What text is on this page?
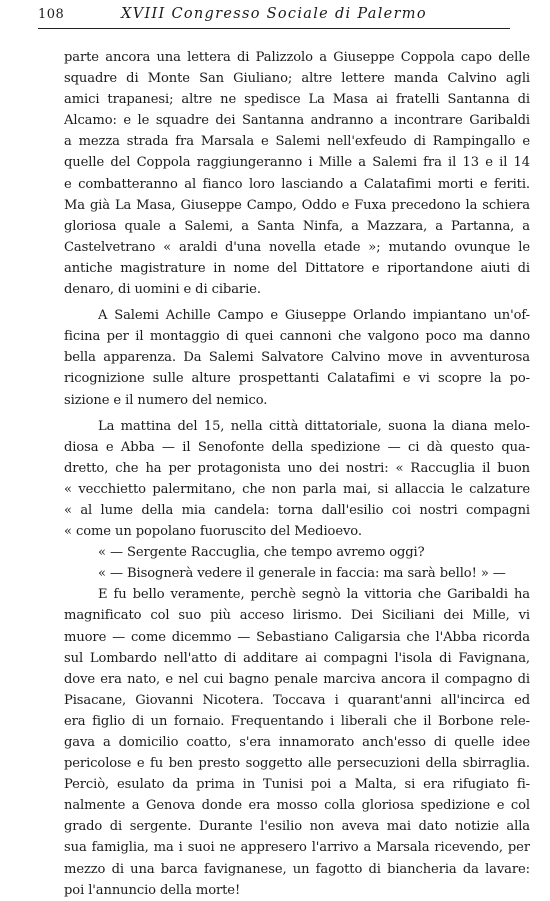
108	XVIII Congresso Sociale di Palermo
parte ancora una lettera di Palizzolo a Giuseppe Coppola capo delle
squadre di Monte San Giuliano; altre lettere manda Calvino agli
amici trapanesi; altre ne spedisce La Masa ai fratelli Santanna di
Alcamo: e le squadre dei Santanna andranno a incontrare Garibaldi
a mezza strada fra Marsala e Salemi nell'exfeudo di Rampingallo e
quelle del Coppola raggiungeranno i Mille a Salemi fra il 13 e il 14
e combatteranno al fianco loro lasciando a Calatafimi morti e feriti.
Ma già La Masa, Giuseppe Campo, Oddo e Fuxa precedono la schiera
gloriosa quale a Salemi, a Santa Ninfa, a Mazzara, a Partanna, a
Castelvetrano « araldi d'una novella etade »; mutando ovunque le
antiche magistrature in nome del Dittatore e riportandone aiuti di
denaro, di uomini e di cibarie.
A Salemi Achille Campo e Giuseppe Orlando impiantano un'of-
ficina per il montaggio di quei cannoni che valgono poco ma danno
bella apparenza. Da Salemi Salvatore Calvino move in avventurosa
ricognizione sulle alture prospettanti Calatafimi e vi scopre la po-
sizione e il numero del nemico.
La mattina del 15, nella città dittatoriale, suona la diana melo-
diosa e Abba — il Senofonte della spedizione — ci dà questo qua-
dretto, che ha per protagonista uno dei nostri: « Raccuglia il buon
« vecchietto palermitano, che non parla mai, si allaccia le calzature
« al lume della mia candela: torna dall'esilio coi nostri compagni
« come un popolano fuoruscito del Medioevo.
« — Sergente Raccuglia, che tempo avremo oggi?
« — Bisognerà vedere il generale in faccia: ma sarà bello! » —
E fu bello veramente, perchè segnò la vittoria che Garibaldi ha
magnificato col suo più acceso lirismo. Dei Siciliani dei Mille, vi
muore — come dicemmo — Sebastiano Caligarsia che l'Abba ricorda
sul Lombardo nell'atto di additare ai compagni l'isola di Favignana,
dove era nato, e nel cui bagno penale marciva ancora il compagno di
Pisacane, Giovanni Nicotera. Toccava i quarant'anni all'incirca ed
era figlio di un fornaio. Frequentando i liberali che il Borbone rele-
gava a domicilio coatto, s'era innamorato anch'esso di quelle idee
pericolose e fu ben presto soggetto alle persecuzioni della sbirraglia.
Perciò, esulato da prima in Tunisi poi a Malta, si era rifugiato fi-
nalmente a Genova donde era mosso colla gloriosa spedizione e col
grado di sergente. Durante l'esilio non aveva mai dato notizie alla
sua famiglia, ma i suoi ne appresero l'arrivo a Marsala ricevendo, per
mezzo di una barca favignanese, un fagotto di biancheria da lavare:
poi l'annuncio della morte!
